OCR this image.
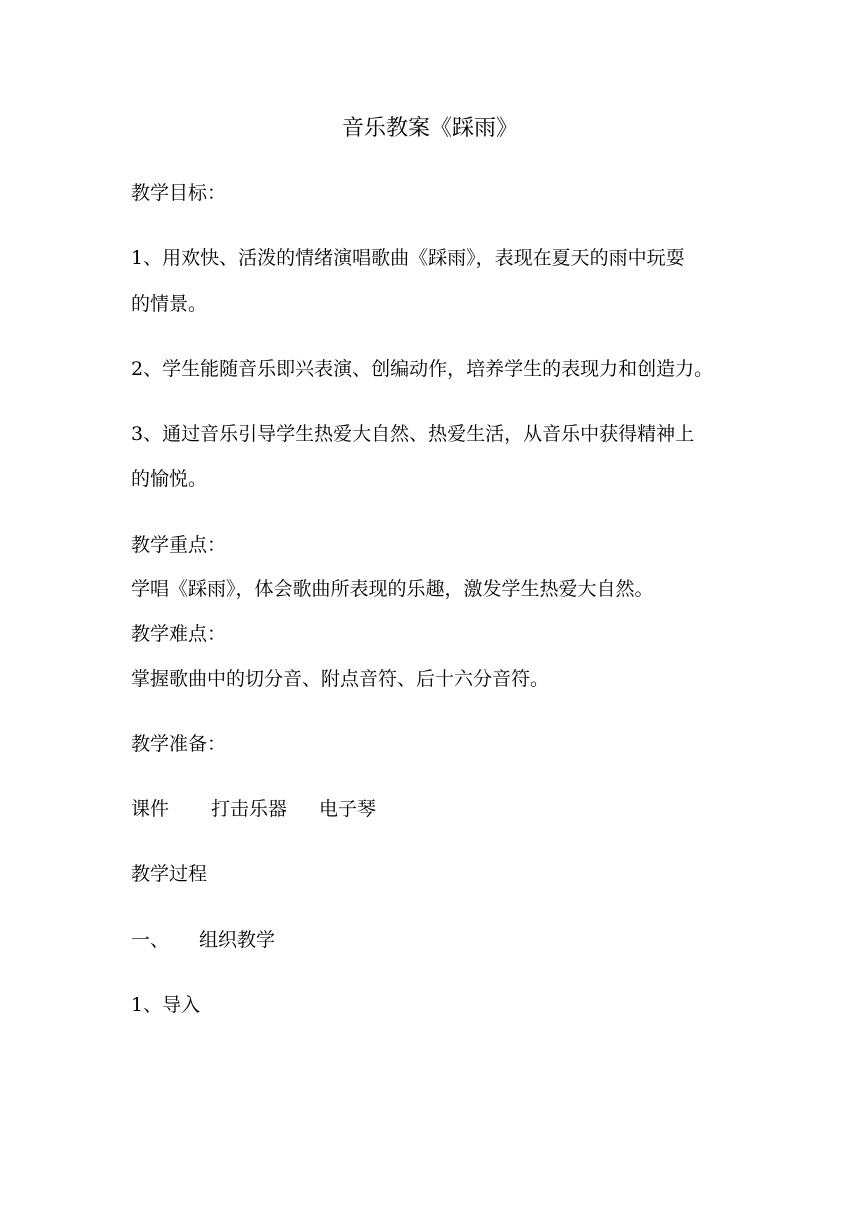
音乐教案《踩雨》
教学目标：
1、用欢快、活泼的情绪演唱歌曲《踩雨》，表现在夏天的雨中玩耍
的情景。
2、学生能随音乐即兴表演、创编动作，培养学生的表现力和创造力。
3、通过音乐引导学生热爱大自然、热爱生活，从音乐中获得精神上
的愉悦。
教学重点：
学唱《踩雨》，体会歌曲所表现的乐趣，激发学生热爱大自然。
教学难点：
掌握歌曲中的切分音、附点音符、后十六分音符。
教学准备：
课件 打击乐器 电子琴
教学过程
一、 组织教学
1、导入
